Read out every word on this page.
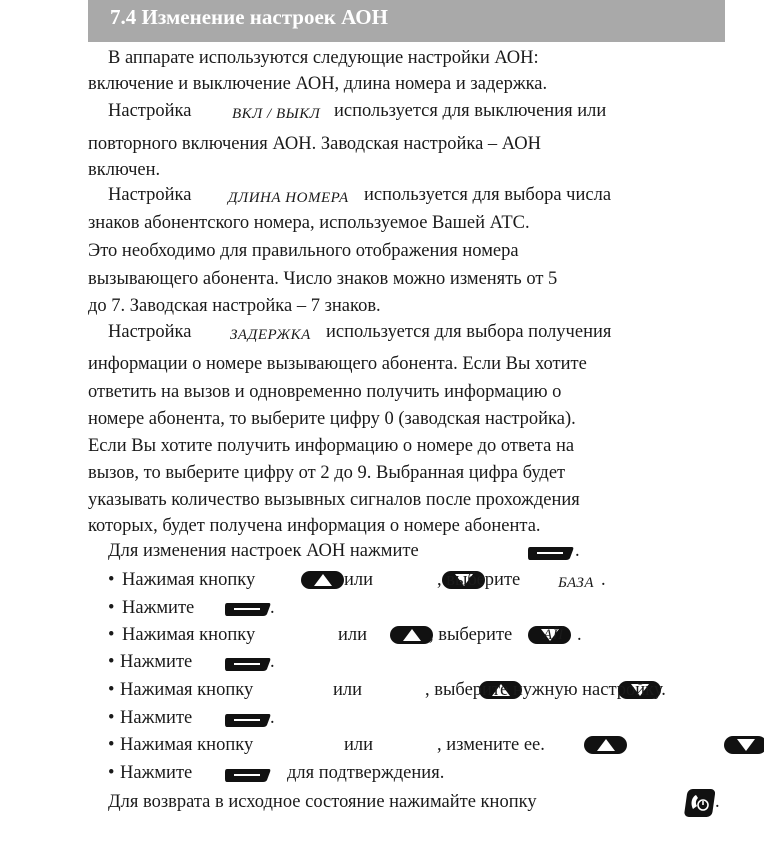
7.4 Изменение настроек АОН
В аппарате используются следующие настройки АОН:
включение и выключение АОН, длина номера и задержка.
Настройка	ВКЛ / ВЫКЛ используется для выключения или
повторного включения АОН. Заводская настройка – АОН
включен.
Настройка ДЛИНА НОМЕРА используется для выбора числа
знаков абонентского номера, используемое Вашей АТС.
Это необходимо для правильного отображения номера
вызывающего абонента. Число знаков можно изменять от 5
до 7. Заводская настройка – 7 знаков.
Настройка	ЗАДЕРЖКА используется для выбора получения
информации о номере вызывающего абонента. Если Вы хотите
ответить на вызов и одновременно получить информацию о
номере абонента, то выберите цифру 0 (заводская настройка).
Если Вы хотите получить информацию о номере до ответа на
вызов, то выберите цифру от 2 до 9. Выбранная цифра будет
указывать количество вызывных сигналов после прохождения
которых, будет получена информация о номере абонента.
Для изменения настроек АОН нажмите	.
• Нажимая кнопку
	или
	, выберите	БАЗА .
• Нажмите	.
• Нажимая кнопку
	или
	, выберите ÀÎÍ .
• Нажмите	.
• Нажимая кнопку
	или
	, выберите нужную настройку.
• Нажмите	.
• Нажимая кнопку
	или	, измените ее.
• Нажмите	для подтверждения.
Для возврата в исходное состояние нажимайте кнопку	.
